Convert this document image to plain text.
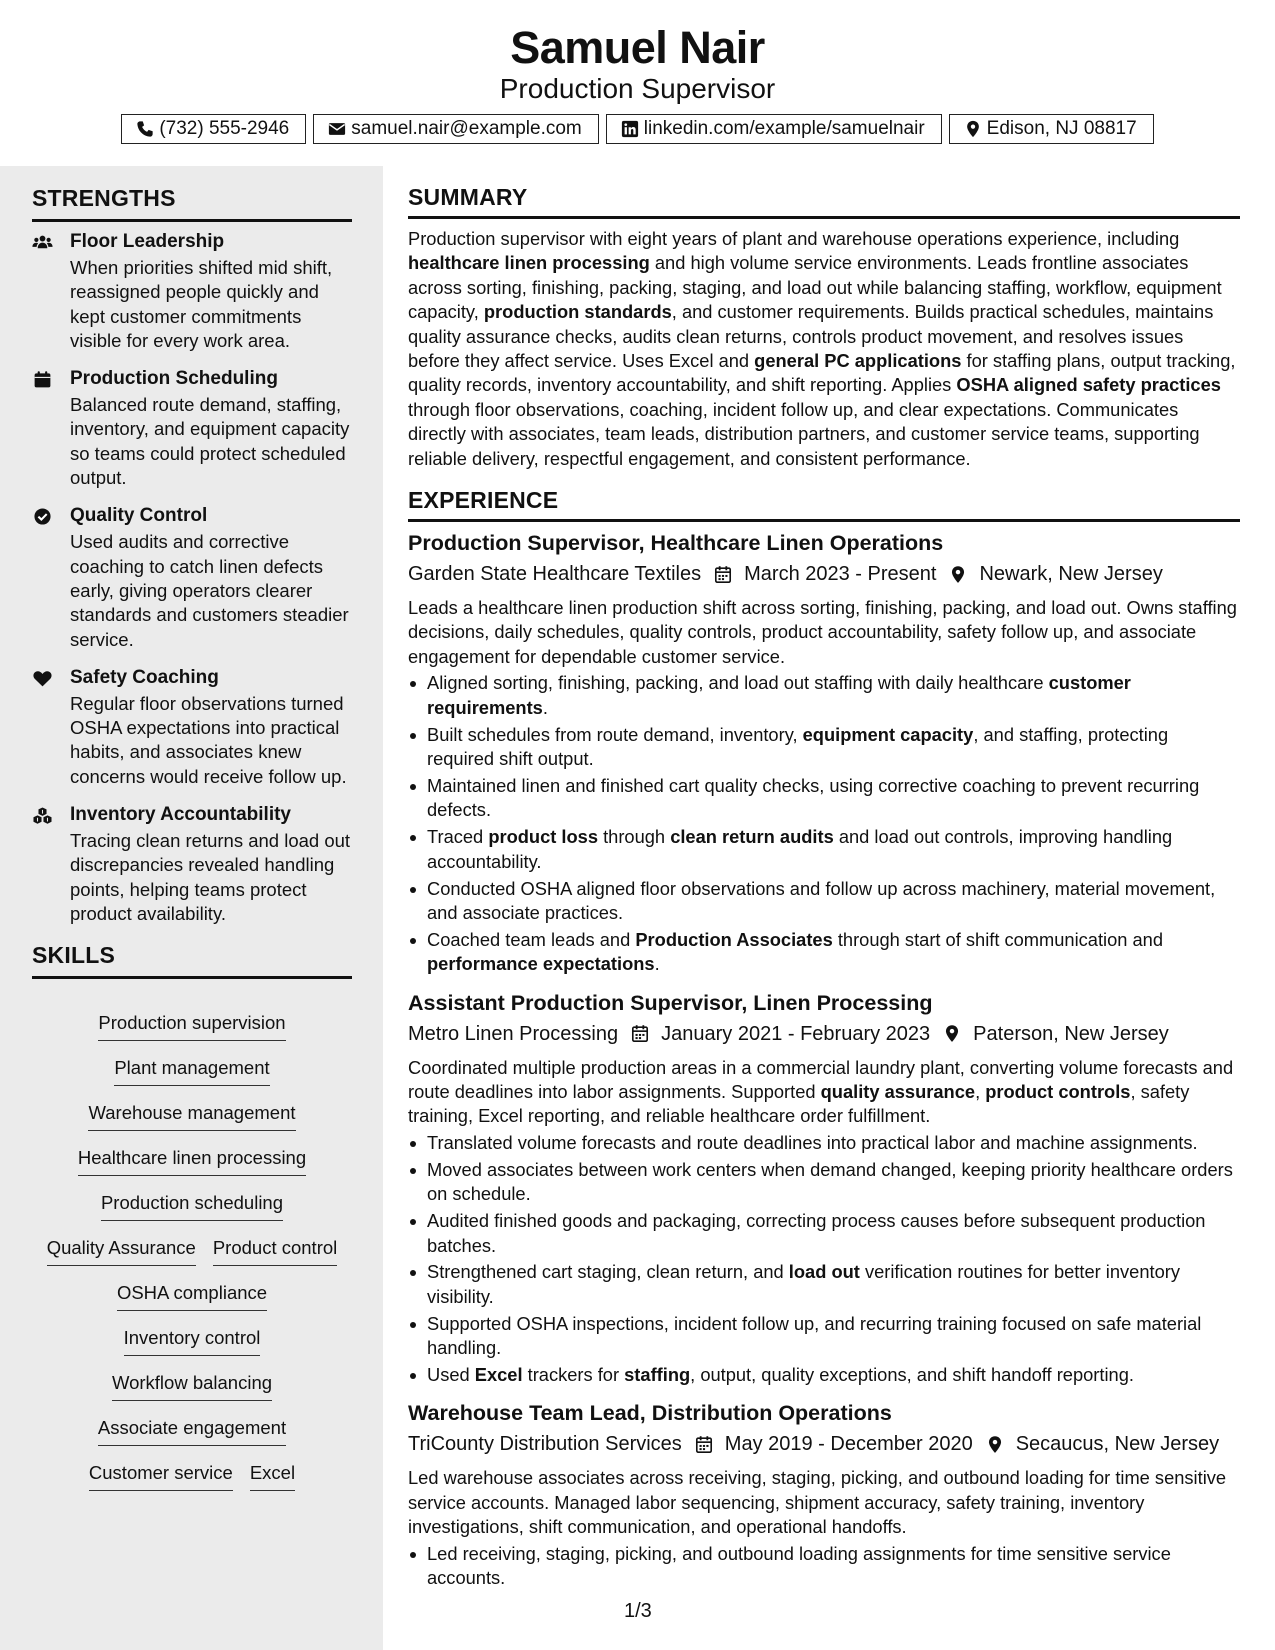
Samuel Nair
Production Supervisor
(732) 555-2946	samuel.nair@example.com	linkedin.com/example/samuelnair	Edison, NJ 08817
STRENGTHS
Floor Leadership
When priorities shifted mid shift, reassigned people quickly and kept customer commitments visible for every work area.
Production Scheduling
Balanced route demand, staffing, inventory, and equipment capacity so teams could protect scheduled output.
Quality Control
Used audits and corrective coaching to catch linen defects early, giving operators clearer standards and customers steadier service.
Safety Coaching
Regular floor observations turned OSHA expectations into practical habits, and associates knew concerns would receive follow up.
Inventory Accountability
Tracing clean returns and load out discrepancies revealed handling points, helping teams protect product availability.
SKILLS
Production supervision
Plant management
Warehouse management
Healthcare linen processing
Production scheduling
Quality Assurance Product control
OSHA compliance
Inventory control
Workflow balancing
Associate engagement
Customer service Excel
SUMMARY

Production supervisor with eight years of plant and warehouse operations experience, including healthcare linen processing and high volume service environments. Leads frontline associates across sorting, finishing, packing, staging, and load out while balancing staffing, workflow, equipment capacity, production standards, and customer requirements. Builds practical schedules, maintains quality assurance checks, audits clean returns, controls product movement, and resolves issues before they affect service. Uses Excel and general PC applications for staffing plans, output tracking, quality records, inventory accountability, and shift reporting. Applies OSHA aligned safety practices through floor observations, coaching, incident follow up, and clear expectations. Communicates directly with associates, team leads, distribution partners, and customer service teams, supporting reliable delivery, respectful engagement, and consistent performance.

EXPERIENCE
Production Supervisor, Healthcare Linen Operations
Garden State Healthcare Textiles March 2023 - Present Newark, New Jersey

Leads a healthcare linen production shift across sorting, finishing, packing, and load out. Owns staffing decisions, daily schedules, quality controls, product accountability, safety follow up, and associate engagement for dependable customer service.

Aligned sorting, finishing, packing, and load out staffing with daily healthcare customer requirements.
Built schedules from route demand, inventory, equipment capacity, and staffing, protecting required shift output.
Maintained linen and finished cart quality checks, using corrective coaching to prevent recurring defects.
Traced product loss through clean return audits and load out controls, improving handling accountability.
Conducted OSHA aligned floor observations and follow up across machinery, material movement, and associate practices.
Coached team leads and Production Associates through start of shift communication and performance expectations.
Assistant Production Supervisor, Linen Processing
Metro Linen Processing January 2021 - February 2023 Paterson, New Jersey

Coordinated multiple production areas in a commercial laundry plant, converting volume forecasts and route deadlines into labor assignments. Supported quality assurance, product controls, safety training, Excel reporting, and reliable healthcare order fulfillment.

Translated volume forecasts and route deadlines into practical labor and machine assignments.
Moved associates between work centers when demand changed, keeping priority healthcare orders on schedule.
Audited finished goods and packaging, correcting process causes before subsequent production batches.
Strengthened cart staging, clean return, and load out verification routines for better inventory visibility.
Supported OSHA inspections, incident follow up, and recurring training focused on safe material handling.
Used Excel trackers for staffing, output, quality exceptions, and shift handoff reporting.
Warehouse Team Lead, Distribution Operations
TriCounty Distribution Services May 2019 - December 2020 Secaucus, New Jersey

Led warehouse associates across receiving, staging, picking, and outbound loading for time sensitive service accounts. Managed labor sequencing, shipment accuracy, safety training, inventory investigations, shift communication, and operational handoffs.

Led receiving, staging, picking, and outbound loading assignments for time sensitive service accounts.
1/3
